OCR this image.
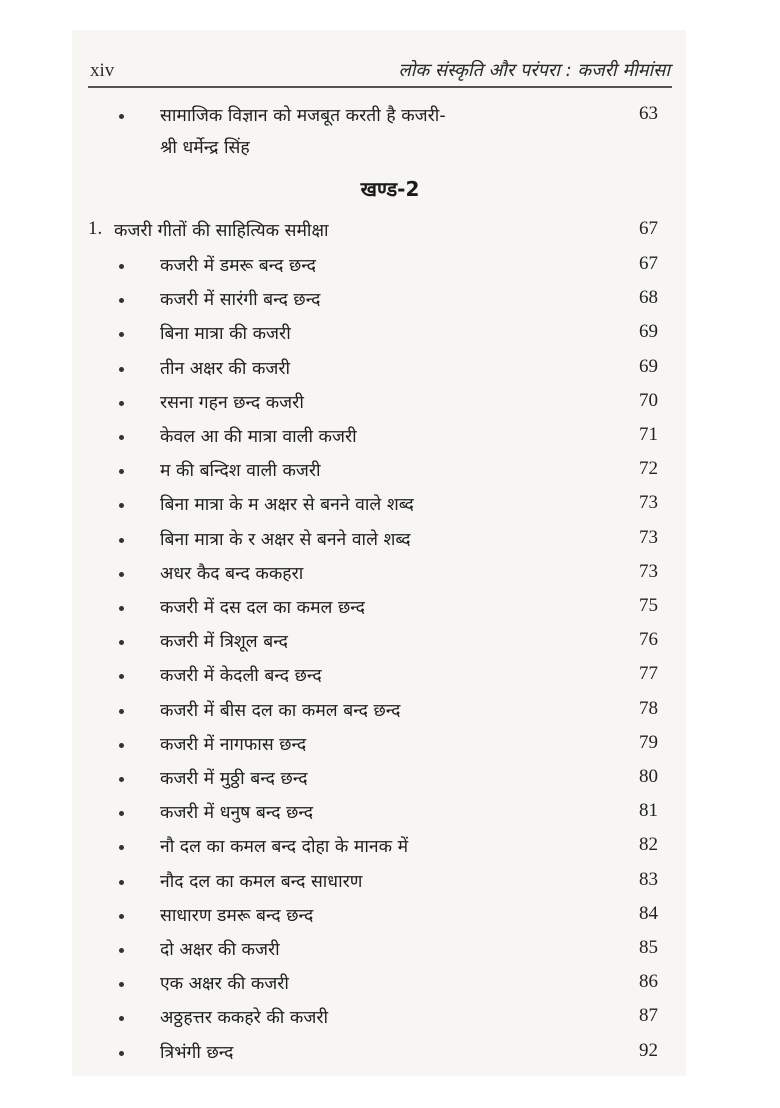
xiv	लोक संस्कृति और परंपरा : कजरी मीमांसा
सामाजिक विज्ञान को मजबूत करती है कजरी-	63
श्री धर्मेन्द्र सिंह
खण्ड-2
1. कजरी गीतों की साहित्यिक समीक्षा	67
कजरी में डमरू बन्द छन्द	67
कजरी में सारंगी बन्द छन्द	68
बिना मात्रा की कजरी	69
तीन अक्षर की कजरी	69
रसना गहन छन्द कजरी	70
केवल आ की मात्रा वाली कजरी	71
म की बन्दिश वाली कजरी	72
बिना मात्रा के म अक्षर से बनने वाले शब्द	73
बिना मात्रा के र अक्षर से बनने वाले शब्द	73
अधर कैद बन्द ककहरा	73
कजरी में दस दल का कमल छन्द	75
कजरी में त्रिशूल बन्द	76
कजरी में केदली बन्द छन्द	77
कजरी में बीस दल का कमल बन्द छन्द	78
कजरी में नागफास छन्द	79
कजरी में मुठ्ठी बन्द छन्द	80
कजरी में धनुष बन्द छन्द	81
नौ दल का कमल बन्द दोहा के मानक में	82
नौद दल का कमल बन्द साधारण	83
साधारण डमरू बन्द छन्द	84
दो अक्षर की कजरी	85
एक अक्षर की कजरी	86
अठ्ठहत्तर ककहरे की कजरी	87
त्रिभंगी छन्द	92
